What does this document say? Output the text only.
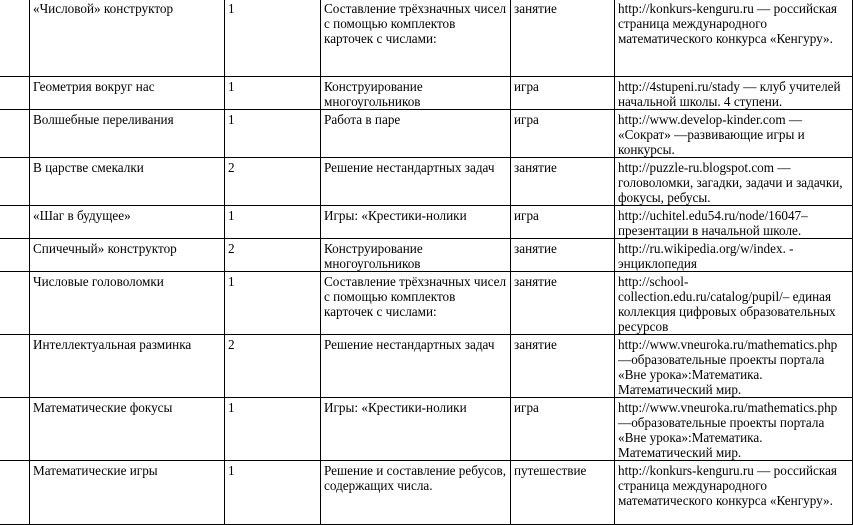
	«Числовой» конструктор	1	Составление трёхзначных чисел с помощью комплектов карточек с числами:	занятие	http://konkurs-kenguru.ru — российская страница международного математического конкурса «Кенгуру».
	Геометрия вокруг нас	1	Конструирование многоугольников	игра	http://4stupeni.ru/stady — клуб учителей начальной школы. 4 ступени.
	Волшебные переливания	1	Работа в паре	игра	http://www.develop-kinder.com — «Сократ» —развивающие игры и конкурсы.
	В царстве смекалки	2	Решение нестандартных задач	занятие	http://puzzle-ru.blogspot.com — головоломки, загадки, задачи и задачки, фокусы, ребусы.
	«Шаг в будущее»	1	Игры: «Крестики-нолики	игра	http://uchitel.edu54.ru/node/16047– презентации в начальной школе.
	Спичечный» конструктор	2	Конструирование многоугольников	занятие	http://ru.wikipedia.org/w/index. - энциклопедия
	Числовые головоломки	1	Составление трёхзначных чисел с помощью комплектов карточек с числами:	занятие	http://school-collection.edu.ru/catalog/pupil/– единая коллекция цифровых образовательных ресурсов
	Интеллектуальная разминка	2	Решение нестандартных задач	занятие	http://www.vneuroka.ru/mathematics.php —образовательные проекты портала «Вне урока»:Математика. Математический мир.
	Математические фокусы	1	Игры: «Крестики-нолики	игра	http://www.vneuroka.ru/mathematics.php —образовательные проекты портала «Вне урока»:Математика. Математический мир.
	Математические игры	1	Решение и составление ребусов, содержащих числа.	путешествие	http://konkurs-kenguru.ru — российская страница международного математического конкурса «Кенгуру».
